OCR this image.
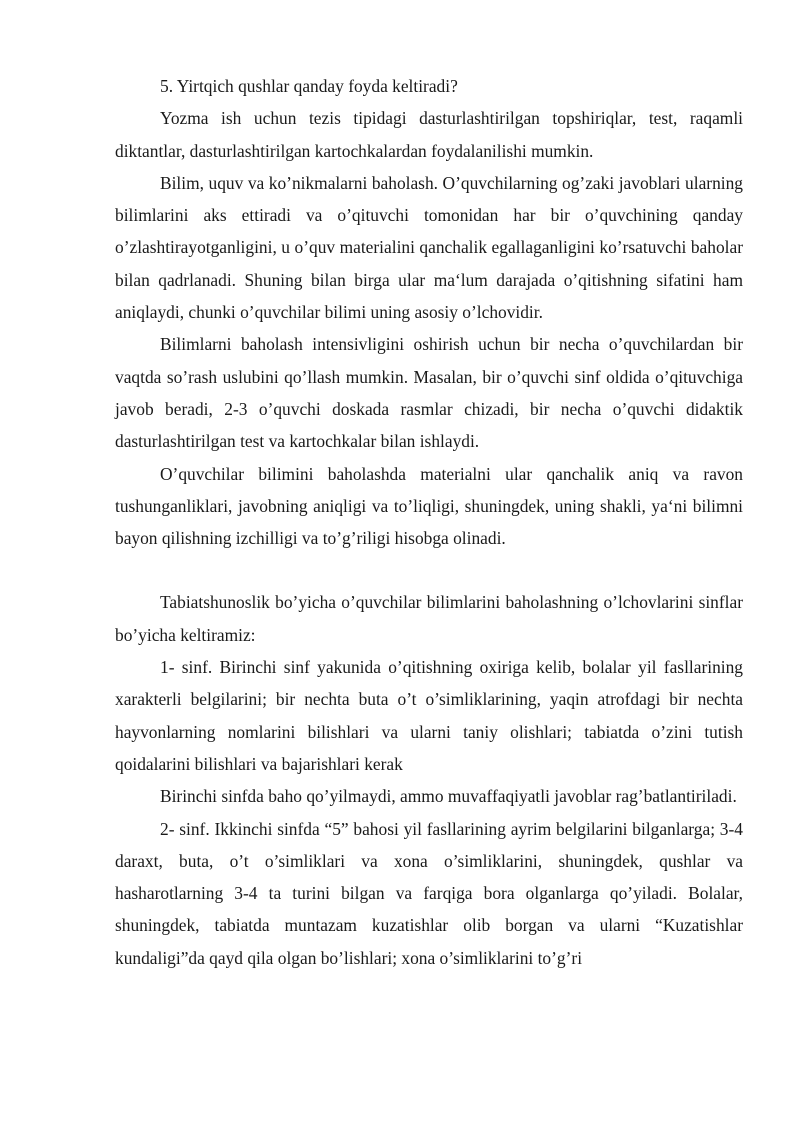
5. Yirtqich qushlar qanday foyda keltiradi?

Yozma ish uchun tezis tipidagi dasturlashtirilgan topshiriqlar, test, raqamli diktantlar, dasturlashtirilgan kartochkalardan foydalanilishi mumkin.

Bilim, uquv va ko’nikmalarni baholash. O’quvchilarning og’zaki javoblari ularning bilimlarini aks ettiradi va o’qituvchi tomonidan har bir o’quvchining qanday o’zlashtirayotganligini, u o’quv materialini qanchalik egallaganligini ko’rsatuvchi baholar bilan qadrlanadi. Shuning bilan birga ular ma‘lum darajada o’qitishning sifatini ham aniqlaydi, chunki o’quvchilar bilimi uning asosiy o’lchovidir.

Bilimlarni baholash intensivligini oshirish uchun bir necha o’quvchilardan bir vaqtda so’rash uslubini qo’llash mumkin. Masalan, bir o’quvchi sinf oldida o’qituvchiga javob beradi, 2-3 o’quvchi doskada rasmlar chizadi, bir necha o’quvchi didaktik dasturlashtirilgan test va kartochkalar bilan ishlaydi.

O’quvchilar bilimini baholashda materialni ular qanchalik aniq va ravon tushunganliklari, javobning aniqligi va to’liqligi, shuningdek, uning shakli, ya‘ni bilimni bayon qilishning izchilligi va to’g’riligi hisobga olinadi.

Tabiatshunoslik bo’yicha o’quvchilar bilimlarini baholashning o’lchovlarini sinflar bo’yicha keltiramiz:

1- sinf. Birinchi sinf yakunida o’qitishning oxiriga kelib, bolalar yil fasllarining xarakterli belgilarini; bir nechta buta o’t o’simliklarining, yaqin atrofdagi bir nechta hayvonlarning nomlarini bilishlari va ularni taniy olishlari; tabiatda o’zini tutish qoidalarini bilishlari va bajarishlari kerak

Birinchi sinfda baho qo’yilmaydi, ammo muvaffaqiyatli javoblar rag’batlantiriladi.

2- sinf. Ikkinchi sinfda “5” bahosi yil fasllarining ayrim belgilarini bilganlarga; 3-4 daraxt, buta, o’t o’simliklari va xona o’simliklarini, shuningdek, qushlar va hasharotlarning 3-4 ta turini bilgan va farqiga bora olganlarga qo’yiladi. Bolalar, shuningdek, tabiatda muntazam kuzatishlar olib borgan va ularni “Kuzatishlar kundaligi”da qayd qila olgan bo’lishlari; xona o’simliklarini to’g’ri
